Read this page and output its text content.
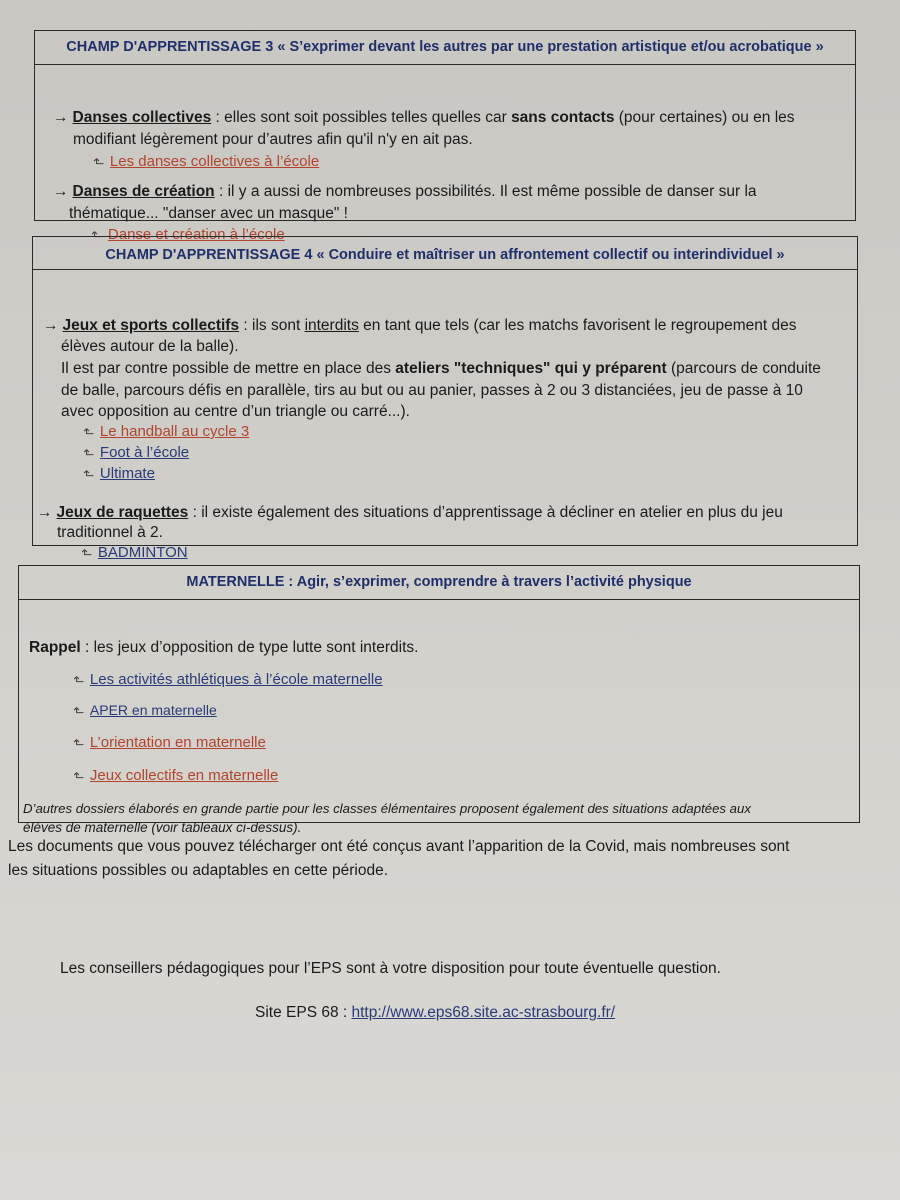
CHAMP D'APPRENTISSAGE 3 « S’exprimer devant les autres par une prestation artistique et/ou acrobatique »
→ Danses collectives : elles sont soit possibles telles quelles car sans contacts (pour certaines) ou en les
modifiant légèrement pour d’autres afin qu'il n'y en ait pas.
↳ Les danses collectives à l’école
→ Danses de création : il y a aussi de nombreuses possibilités. Il est même possible de danser sur la
thématique... "danser avec un masque" !
↳ Danse et création à l’école
CHAMP D'APPRENTISSAGE 4 « Conduire et maîtriser un affrontement collectif ou interindividuel »
→ Jeux et sports collectifs : ils sont interdits en tant que tels (car les matchs favorisent le regroupement des
élèves autour de la balle).
Il est par contre possible de mettre en place des ateliers "techniques" qui y préparent (parcours de conduite
de balle, parcours défis en parallèle, tirs au but ou au panier, passes à 2 ou 3 distanciées, jeu de passe à 10
avec opposition au centre d’un triangle ou carré...).
↳ Le handball au cycle 3
↳ Foot à l’école
↳ Ultimate
→ Jeux de raquettes : il existe également des situations d’apprentissage à décliner en atelier en plus du jeu
traditionnel à 2.
↳ BADMINTON
MATERNELLE : Agir, s’exprimer, comprendre à travers l’activité physique
Rappel : les jeux d’opposition de type lutte sont interdits.
↳ Les activités athlétiques à l’école maternelle
↳ APER en maternelle
↳ L’orientation en maternelle
↳ Jeux collectifs en maternelle
D’autres dossiers élaborés en grande partie pour les classes élémentaires proposent également des situations adaptées aux
élèves de maternelle (voir tableaux ci-dessus).
Les documents que vous pouvez télécharger ont été conçus avant l’apparition de la Covid, mais nombreuses sont
les situations possibles ou adaptables en cette période.
Les conseillers pédagogiques pour l’EPS sont à votre disposition pour toute éventuelle question.
Site EPS 68 : http://www.eps68.site.ac-strasbourg.fr/
